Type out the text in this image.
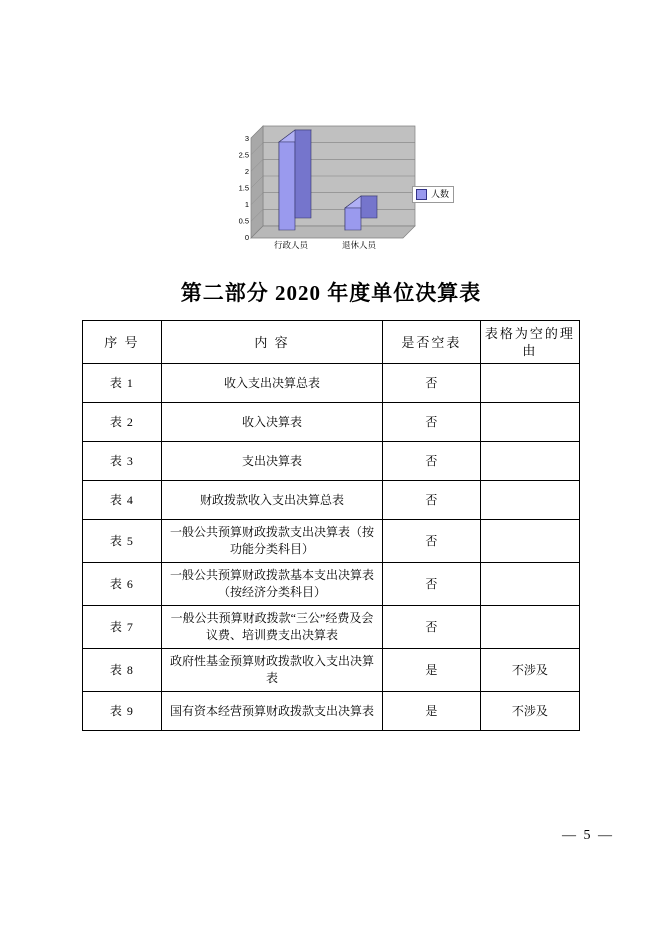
3
2.5
2
1.5
1
0.5
0
行政人员	退休人员
人数
第二部分 2020 年度单位决算表
序 号	内 容	是否空表	表格为空的理由
表 1	收入支出决算总表	否	
表 2	收入决算表	否	
表 3	支出决算表	否	
表 4	财政拨款收入支出决算总表	否	
表 5	一般公共预算财政拨款支出决算表（按功能分类科目）	否	
表 6	一般公共预算财政拨款基本支出决算表（按经济分类科目）	否	
表 7	一般公共预算财政拨款“三公”经费及会议费、培训费支出决算表	否	
表 8	政府性基金预算财政拨款收入支出决算表	是	不涉及
表 9	国有资本经营预算财政拨款支出决算表	是	不涉及
— 5 —
